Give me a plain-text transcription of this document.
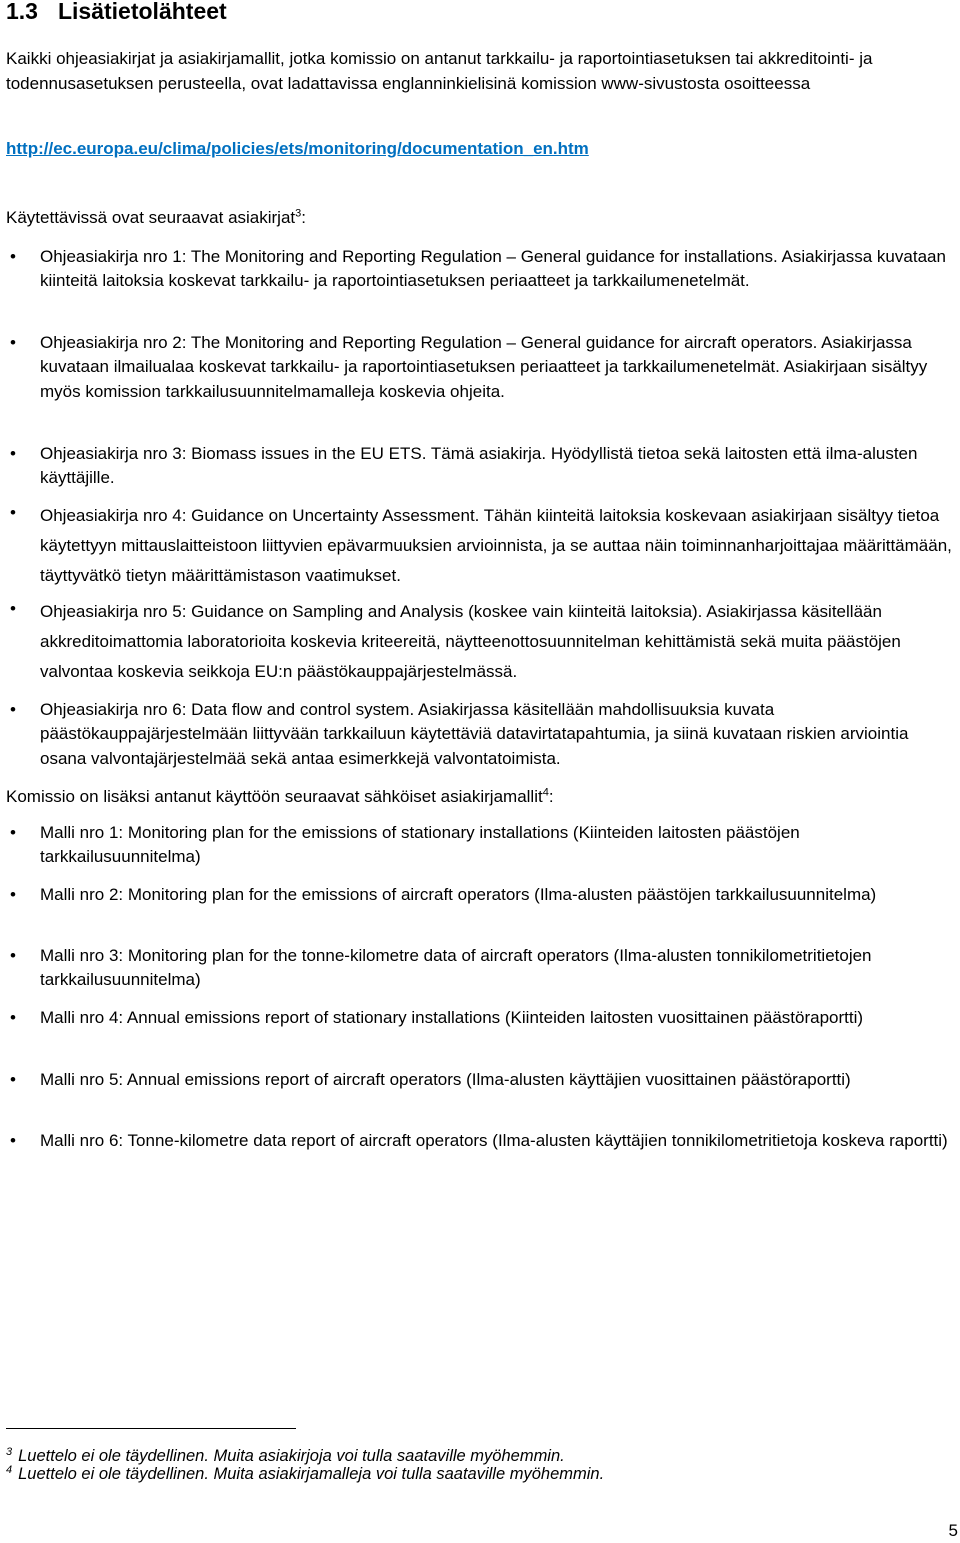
1.3 Lisätietolähteet

Kaikki ohjeasiakirjat ja asiakirjamallit, jotka komissio on antanut tarkkailu- ja raportointiasetuksen tai akkreditointi- ja todennusasetuksen perusteella, ovat ladattavissa englanninkielisinä komission www-sivustosta osoitteessa

http://ec.europa.eu/clima/policies/ets/monitoring/documentation_en.htm

Käytettävissä ovat seuraavat asiakirjat$^3$:

• Ohjeasiakirja nro 1: The Monitoring and Reporting Regulation – General guidance for installations. Asiakirjassa kuvataan kiinteitä laitoksia koskevat tarkkailu- ja raportointiasetuksen periaatteet ja tarkkailumenetelmät.
• Ohjeasiakirja nro 2: The Monitoring and Reporting Regulation – General guidance for aircraft operators. Asiakirjassa kuvataan ilmailualaa koskevat tarkkailu- ja raportointiasetuksen periaatteet ja tarkkailumenetelmät. Asiakirjaan sisältyy myös komission tarkkailusuunnitelmamalleja koskevia ohjeita.
• Ohjeasiakirja nro 3: Biomass issues in the EU ETS. Tämä asiakirja. Hyödyllistä tietoa sekä laitosten että ilma-alusten käyttäjille.
• Ohjeasiakirja nro 4: Guidance on Uncertainty Assessment. Tähän kiinteitä laitoksia koskevaan asiakirjaan sisältyy tietoa käytettyyn mittauslaitteistoon liittyvien epävarmuuksien arvioinnista, ja se auttaa näin toiminnanharjoittajaa määrittämään, täyttyvätkö tietyn määrittämistason vaatimukset.
• Ohjeasiakirja nro 5: Guidance on Sampling and Analysis (koskee vain kiinteitä laitoksia). Asiakirjassa käsitellään akkreditoimattomia laboratorioita koskevia kriteereitä, näytteenottosuunnitelman kehittämistä sekä muita päästöjen valvontaa koskevia seikkoja EU:n päästökauppajärjestelmässä.
• Ohjeasiakirja nro 6: Data flow and control system. Asiakirjassa käsitellään mahdollisuuksia kuvata päästökauppajärjestelmään liittyvään tarkkailuun käytettäviä datavirtatapahtumia, ja siinä kuvataan riskien arviointia osana valvontajärjestelmää sekä antaa esimerkkejä valvontatoimista.

Komissio on lisäksi antanut käyttöön seuraavat sähköiset asiakirjamallit$^4$:

• Malli nro 1: Monitoring plan for the emissions of stationary installations (Kiinteiden laitosten päästöjen tarkkailusuunnitelma)
• Malli nro 2: Monitoring plan for the emissions of aircraft operators (Ilma-alusten päästöjen tarkkailusuunnitelma)
• Malli nro 3: Monitoring plan for the tonne-kilometre data of aircraft operators (Ilma-alusten tonnikilometritietojen tarkkailusuunnitelma)
• Malli nro 4: Annual emissions report of stationary installations (Kiinteiden laitosten vuosittainen päästöraportti)
• Malli nro 5: Annual emissions report of aircraft operators (Ilma-alusten käyttäjien vuosittainen päästöraportti)
• Malli nro 6: Tonne-kilometre data report of aircraft operators (Ilma-alusten käyttäjien tonnikilometritietoja koskeva raportti)
$^3$ Luettelo ei ole täydellinen. Muita asiakirjoja voi tulla saataville myöhemmin.
$^4$ Luettelo ei ole täydellinen. Muita asiakirjamalleja voi tulla saataville myöhemmin.
5
